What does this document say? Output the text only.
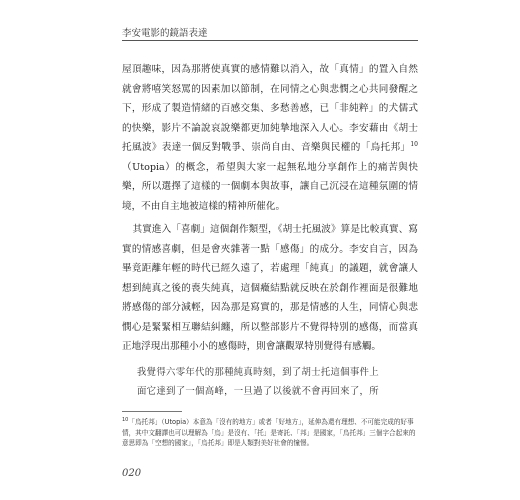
李安電影的鏡語表達

屋頂趣味，因為那將使真實的感情難以消入，故「真情」的置入自然就會將嘻笑怒罵的因素加以節制，在同情之心與悲憫之心共同發醒之下，形成了製造情緒的百感交集、多愁善感，已「非純粹」的犬儒式的快樂，影片不論說哀說樂都更加純摯地深入人心。李安藉由《胡士托風波》表達一個反對戰爭、崇尚自由、音樂與民權的「烏托邦」$^{10}$（Utopia）的概念，希望與大家一起無私地分享創作上的痛苦與快樂，所以選擇了這樣的一個劇本與故事，讓自己沉浸在這種氛圍的情境，不由自主地被這樣的精神所催化。

其實進入「喜劇」這個創作類型，《胡士托風波》算是比較真實、寫實的情感喜劇，但是會夾雜著一點「感傷」的成分。李安自言，因為畢竟距離年輕的時代已經久遠了，若處理「純真」的議題，就會讓人想到純真之後的喪失純真，這個癥結點就反映在於創作裡面是很難地將感傷的部分減輕，因為那是寫實的，那是情感的人生，同情心與悲憫心是緊緊相互聯結糾纏，所以整部影片不覺得特別的感傷，而當真正地浮現出那種小小的感傷時，則會讓觀眾特別覺得有感觸。

我覺得六零年代的那種純真時刻，到了胡士托這個事件上

面它達到了一個高峰，一旦過了以後就不會再回來了，所

$^{10}$「烏托邦」（Utopia）本意為「沒有的地方」或者「好地方」，延伸為還有理想、不可能完成的好事情，其中文翻譯也可以理解為「烏」是沒有、「托」是寄託、「邦」是國家，「烏托邦」三個字合起來的意思即為「空想的國家」，「烏托邦」即是人類對美好社會的憧憬。

020
